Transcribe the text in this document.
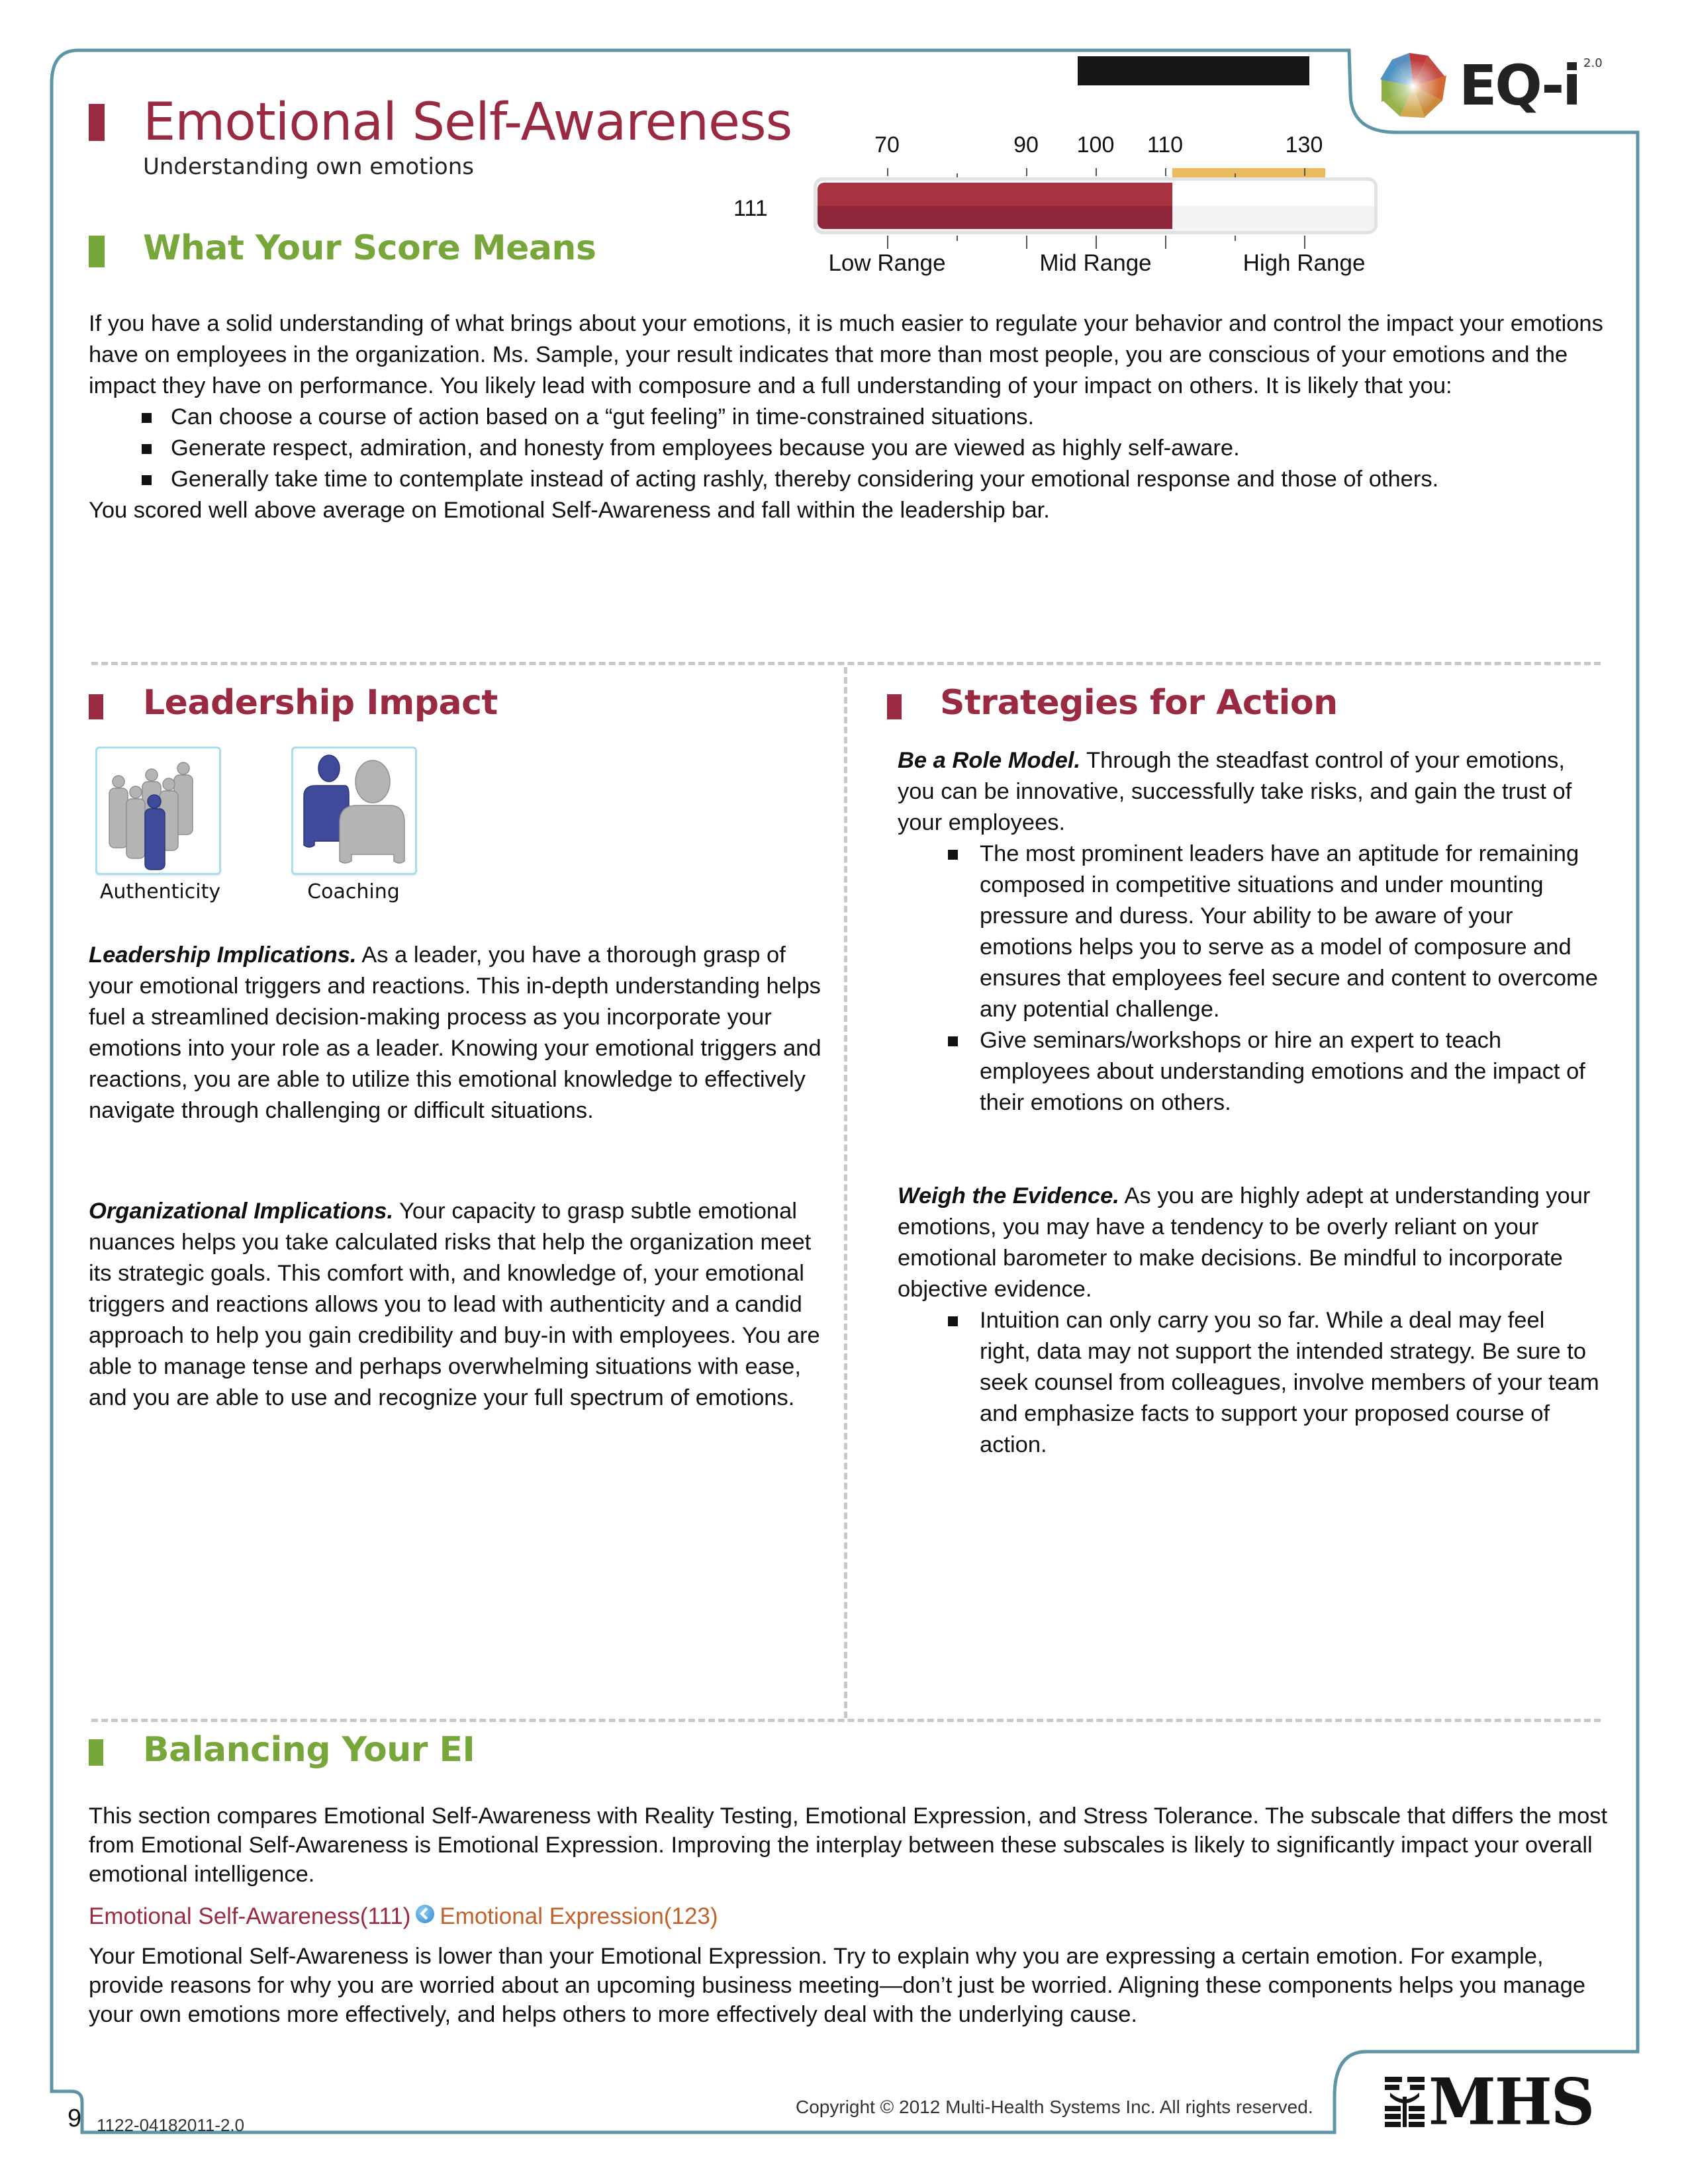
EQ-i 2.0
Emotional Self-Awareness
Understanding own emotions
111
What Your Score Means

If you have a solid understanding of what brings about your emotions, it is much easier to regulate your behavior and control the impact your emotions have on employees in the organization. Ms. Sample, your result indicates that more than most people, you are conscious of your emotions and the impact they have on performance. You likely lead with composure and a full understanding of your impact on others. It is likely that you:

Can choose a course of action based on a “gut feeling” in time-constrained situations.
Generate respect, admiration, and honesty from employees because you are viewed as highly self-aware.
Generally take time to contemplate instead of acting rashly, thereby considering your emotional response and those of others.

You scored well above average on Emotional Self-Awareness and fall within the leadership bar.

Leadership Impact
Authenticity	Coaching

Leadership Implications. As a leader, you have a thorough grasp of your emotional triggers and reactions. This in-depth understanding helps fuel a streamlined decision-making process as you incorporate your emotions into your role as a leader. Knowing your emotional triggers and reactions, you are able to utilize this emotional knowledge to effectively navigate through challenging or difficult situations.

Organizational Implications. Your capacity to grasp subtle emotional nuances helps you take calculated risks that help the organization meet its strategic goals. This comfort with, and knowledge of, your emotional triggers and reactions allows you to lead with authenticity and a candid approach to help you gain credibility and buy-in with employees. You are able to manage tense and perhaps overwhelming situations with ease, and you are able to use and recognize your full spectrum of emotions.

Strategies for Action

Be a Role Model. Through the steadfast control of your emotions, you can be innovative, successfully take risks, and gain the trust of your employees.

The most prominent leaders have an aptitude for remaining composed in competitive situations and under mounting pressure and duress. Your ability to be aware of your emotions helps you to serve as a model of composure and ensures that employees feel secure and content to overcome any potential challenge.
Give seminars/workshops or hire an expert to teach employees about understanding emotions and the impact of their emotions on others.

Weigh the Evidence. As you are highly adept at understanding your emotions, you may have a tendency to be overly reliant on your emotional barometer to make decisions. Be mindful to incorporate objective evidence.

Intuition can only carry you so far. While a deal may feel right, data may not support the intended strategy. Be sure to seek counsel from colleagues, involve members of your team and emphasize facts to support your proposed course of action.
Balancing Your EI
This section compares Emotional Self-Awareness with Reality Testing, Emotional Expression, and Stress Tolerance. The subscale that differs the most from Emotional Self-Awareness is Emotional Expression. Improving the interplay between these subscales is likely to significantly impact your overall emotional intelligence.
Emotional Self-Awareness(111) Emotional Expression(123)
Your Emotional Self-Awareness is lower than your Emotional Expression. Try to explain why you are expressing a certain emotion. For example, provide reasons for why you are worried about an upcoming business meeting—don’t just be worried. Aligning these components helps you manage your own emotions more effectively, and helps others to more effectively deal with the underlying cause.
9 1122-04182011-2.0
Copyright © 2012 Multi-Health Systems Inc. All rights reserved. MHS
70	90 100 110	130
Low Range	Mid Range	High Range
